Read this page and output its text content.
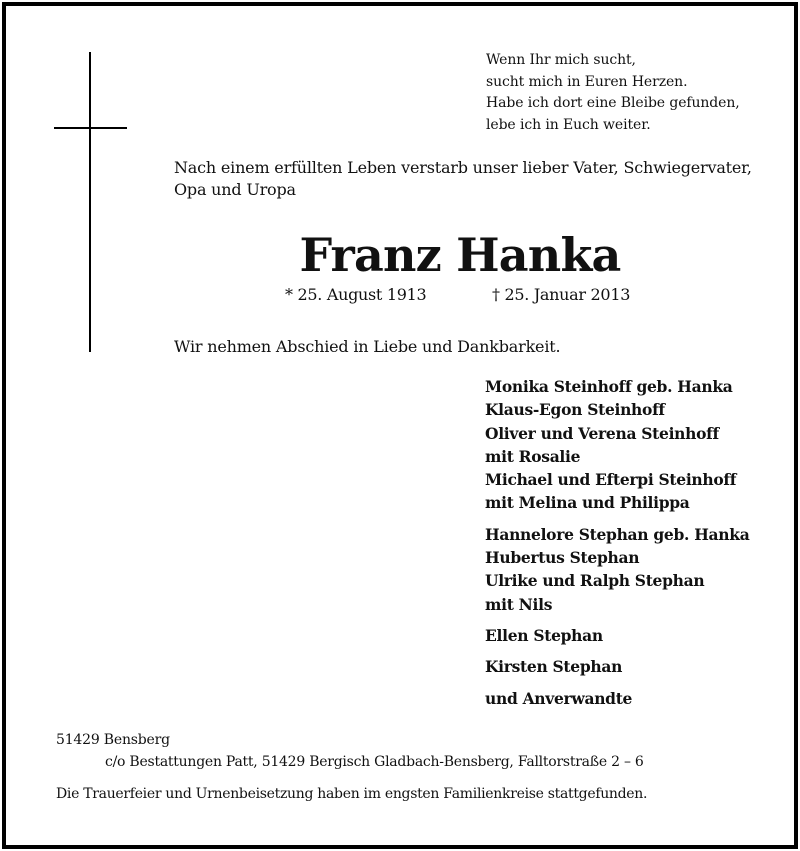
Wenn Ihr mich sucht,
sucht mich in Euren Herzen.
Habe ich dort eine Bleibe gefunden,
lebe ich in Euch weiter.
Nach einem erfüllten Leben verstarb unser lieber Vater, Schwiegervater,
Opa und Uropa
Franz Hanka
* 25. August 1913	† 25. Januar 2013
Wir nehmen Abschied in Liebe und Dankbarkeit.
Monika Steinhoff geb. Hanka
Klaus-Egon Steinhoff
Oliver und Verena Steinhoff
mit Rosalie
Michael und Efterpi Steinhoff
mit Melina und Philippa
Hannelore Stephan geb. Hanka
Hubertus Stephan
Ulrike und Ralph Stephan
mit Nils
Ellen Stephan
Kirsten Stephan
und Anverwandte
51429 Bensberg
c/o Bestattungen Patt, 51429 Bergisch Gladbach-Bensberg, Falltorstraße 2 – 6
Die Trauerfeier und Urnenbeisetzung haben im engsten Familienkreise stattgefunden.
